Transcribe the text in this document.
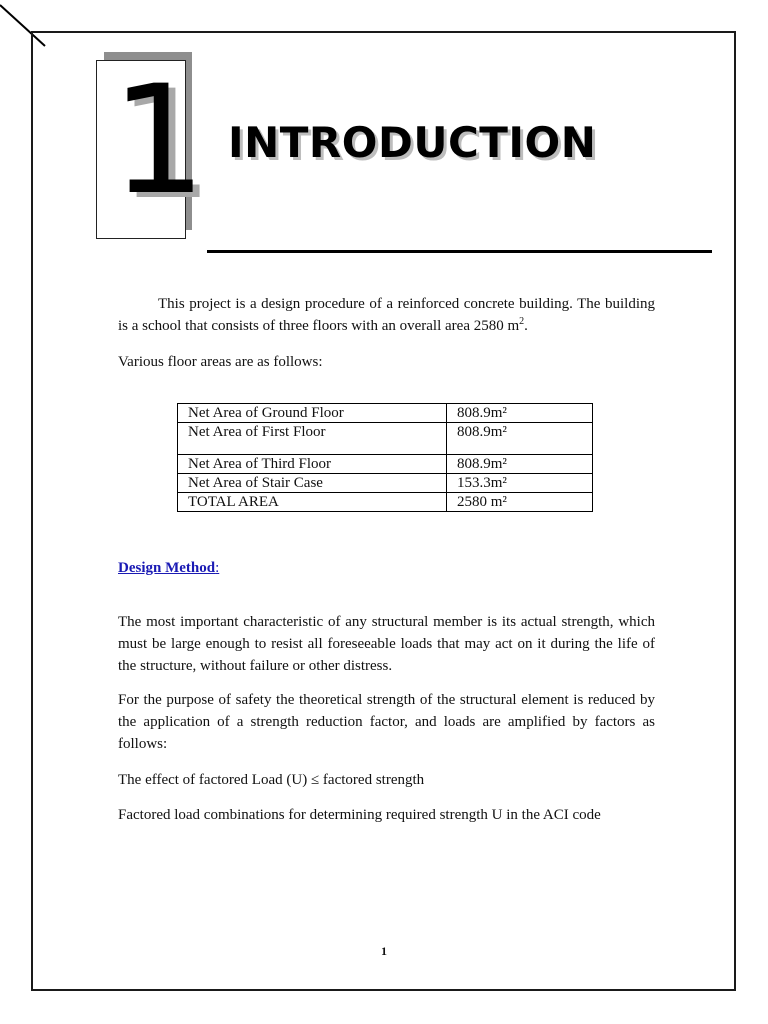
1 INTRODUCTION

This project is a design procedure of a reinforced concrete building. The building is a school that consists of three floors with an overall area 2580 $m^2$.

Various floor areas are as follows:

Net Area of Ground Floor	808.9m²
Net Area of First Floor	808.9m²
Net Area of Third Floor	808.9m²
Net Area of Stair Case	153.3m²
TOTAL AREA	2580 m²

Design Method:

The most important characteristic of any structural member is its actual strength, which must be large enough to resist all foreseeable loads that may act on it during the life of the structure, without failure or other distress.

For the purpose of safety the theoretical strength of the structural element is reduced by the application of a strength reduction factor, and loads are amplified by factors as follows:

The effect of factored Load (U) ≤ factored strength

Factored load combinations for determining required strength U in the ACI code

1
